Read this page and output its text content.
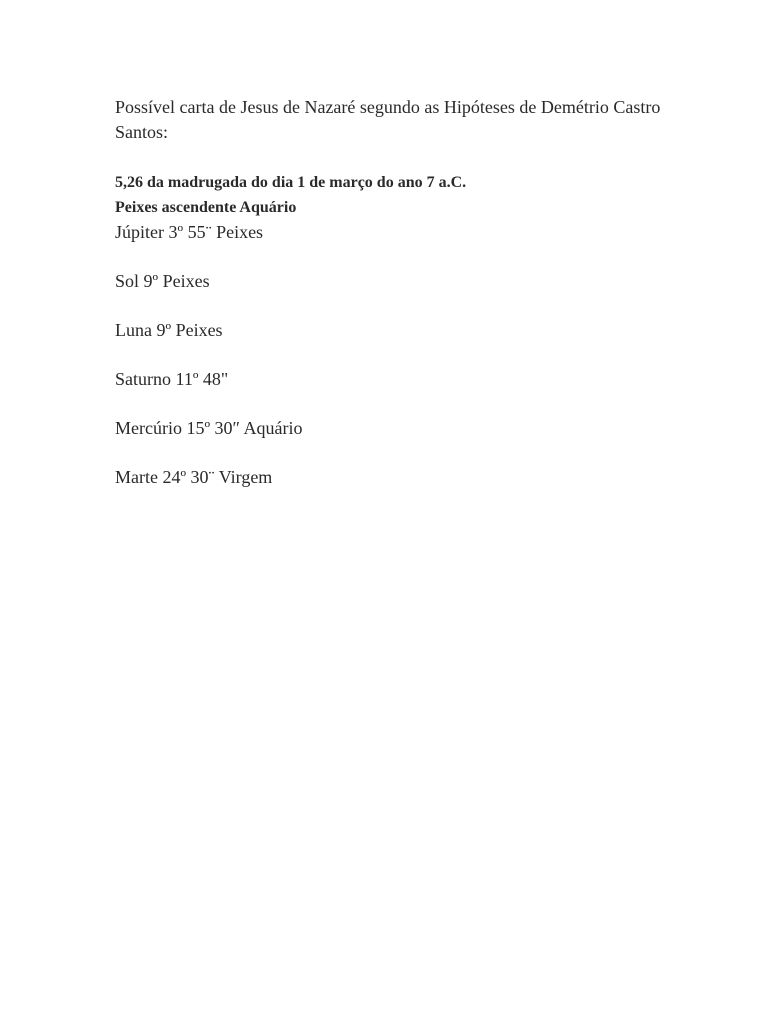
Possível carta de Jesus de Nazaré segundo as Hipóteses de Demétrio Castro Santos:

5,26 da madrugada do dia 1 de março do ano 7 a.C.
Peixes ascendente Aquário
Júpiter 3º 55¨ Peixes
Sol 9º Peixes
Luna 9º Peixes
Saturno 11º 48"
Mercúrio 15º 30″ Aquário
Marte 24º 30¨ Virgem
